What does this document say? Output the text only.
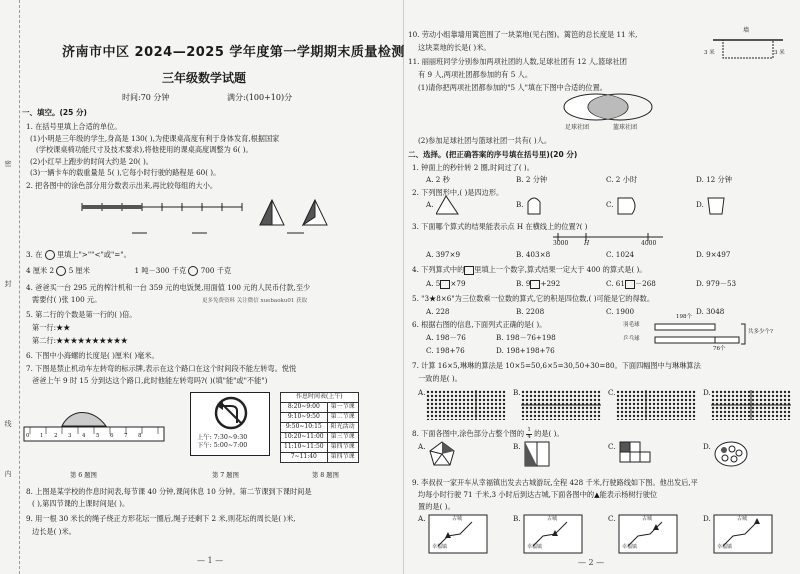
密
封
线
内
济南市中区 2024—2025 学年度第一学期期末质量检测
三年级数学试题
时间:70 分钟	满分:(100+10)分
一、填空。(25 分)
1. 在括号里填上合适的单位。
(1)小明是三年级的学生,身高是 130( ),为使课桌高度有利于身体发育,根据国家
(学校课桌椅功能尺寸及技术要求),将他使用的课桌高度调整为 6( )。
(2)小红早上跑步的时间大约是 20( )。
(3)一辆卡车的载重量是 5( ),它每小时行驶的路程是 60( )。
2. 把各图中的涂色部分用分数表示出来,再比较每组的大小。
3. 在 里填上">""<"或"="。
4 厘米 2 5 厘米	1 吨－300 千克 700 千克
4. 爸爸买一台 295 元的榨汁机和一台 359 元的电饭煲,用面值 100 元的人民币付款,至少
需要付( )张 100 元。
5. 第二行的个数是第一行的( )倍。
更多免费资料 关注微信 xuebaoku01 获取
第一行:★★
第二行:★★★★★★★★★★
6. 下图中小海螺的长度是( )厘米( )毫米。
7. 下图是禁止机动车左转弯的标示牌,表示在这个路口在这个时间段不能左转弯。悦悦
爸爸上午 9 时 15 分到达这个路口,此时他能左转弯吗?( )(填"能"或"不能")
012345678	上午: 7:30~9:30
下午: 5:00~7:00
作息时间表(上午)	
8:20~9:00	第一节课
9:10~9:50	第二节课
9:50~10:15	阳光活动
10:20~11:00	第三节课
11:10~11:50	第四节课
7~11:40	第四节课
第 6 题图	第 7 题图	第 8 题图
8. 上图是某学校的作息时间表,每节课 40 分钟,课间休息 10 分钟。第二节课到下课时间是
( ),第四节课的上课时间是( )。
9. 用一根 30 米长的绳子绕正方形花坛一圈后,绳子还剩下 2 米,则花坛的周长是( )米,
边长是( )米。
— 1 —
10. 劳动小组靠墙用篱笆围了一块菜地(见右图)。篱笆的总长度是 11 米,
这块菜地的长是( )米。
墙
3 米	3 米
11. 丽丽班同学分别参加两项社团的人数,足球社团有 12 人,篮球社团
有 9 人,两项社团都参加的有 5 人。
(1)请你把两项社团都参加的"5 人"填在下图中合适的位置。
足球社团	篮球社团
(2)参加足球社团与篮球社团一共有( )人。
二、选择。(把正确答案的序号填在括号里)(20 分)
1. 钟面上的秒针转 2 圈,时间过了( )。
A. 2 秒	B. 2 分钟	C. 2 小时	D. 12 分钟
2. 下列图形中,( )是四边形。
A.	B.	C.	D.
3. 下面哪个算式的结果能表示点 H 在横线上的位置?( )
3000	H	4000
A. 397×9	B. 403×8	C. 1024	D. 9×497
4. 下列算式中的 里填上一个数字,算式结果一定大于 400 的算式是( )。
A. 5 ×79	B. 9 +292	C. 61 －268	D. 979－53
5. "3★8×6"为三位数乘一位数的算式,它的积是四位数,( )可能是它的得数。
A. 228	B. 2208	C. 1900	D. 3048
6. 根据右图的信息,下面列式正确的是( )。
A. 198－76	B. 198－76+198
C. 198+76	D. 198+198+76
羽毛球
乒乓球
198个
76个
共多少个?
7. 计算 16×5,琳琳的算法是 10×5=50,6×5=30,50+30=80。下面四幅图中与琳琳算法
一致的是( )。
A.	B.	C.	D.
8. 下面各图中,涂色部分占整个图的 $\frac{1}{4}$ 的是( )。
A.	B.	C.	D.
9. 李叔叔一家开车从幸福镇出发去古城游玩,全程 428 千米,行驶路线如下图。他出发后,平
均每小时行驶 71 千米,3 小时后到达古城,下面各图中的▲能表示杨树行驶位
置的是( )。
A.	B.	C.	D.
古城
幸福镇
古城
幸福镇
古城
幸福镇
古城
幸福镇
— 2 —
